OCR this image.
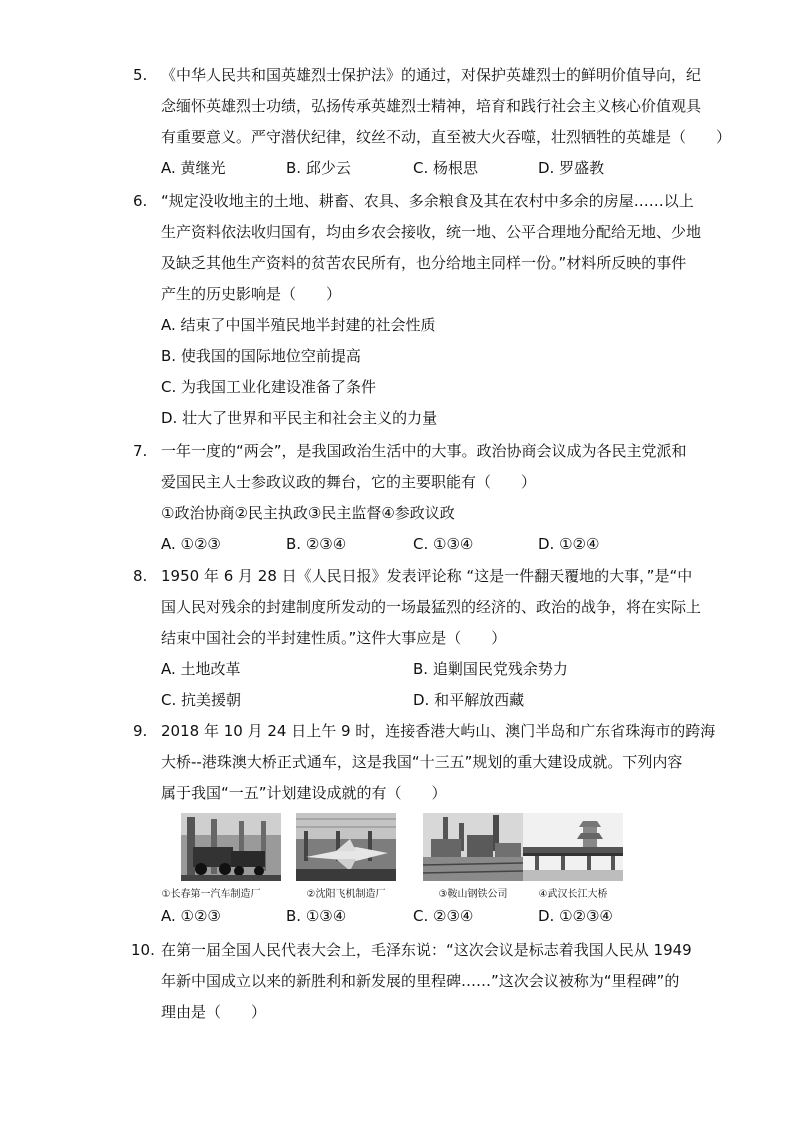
5. 《中华人民共和国英雄烈士保护法》的通过，对保护英雄烈士的鲜明价值导向，纪
念缅怀英雄烈士功绩，弘扬传承英雄烈士精神，培育和践行社会主义核心价值观具
有重要意义。严守潜伏纪律，纹丝不动，直至被大火吞噬，壮烈牺牲的英雄是（　　）
A. 黄继光	B. 邱少云	C. 杨根思	D. 罗盛教
6. “规定没收地主的土地、耕畜、农具、多余粮食及其在农村中多余的房屋……以上
生产资料依法收归国有，均由乡农会接收，统一地、公平合理地分配给无地、少地
及缺乏其他生产资料的贫苦农民所有，也分给地主同样一份。”材料所反映的事件
产生的历史影响是（　　）
A. 结束了中国半殖民地半封建的社会性质
B. 使我国的国际地位空前提高
C. 为我国工业化建设准备了条件
D. 壮大了世界和平民主和社会主义的力量
7. 一年一度的“两会”，是我国政治生活中的大事。政治协商会议成为各民主党派和
爱国民主人士参政议政的舞台，它的主要职能有（　　）
①政治协商②民主执政③民主监督④参政议政
A. ①②③	B. ②③④	C. ①③④	D. ①②④
8. 1950 年 6 月 28 日《人民日报》发表评论称 “这是一件翻天覆地的大事，”是“中
国人民对残余的封建制度所发动的一场最猛烈的经济的、政治的战争，将在实际上
结束中国社会的半封建性质。”这件大事应是（　　）
A. 土地改革	B. 追剿国民党残余势力
C. 抗美援朝	D. 和平解放西藏
9. 2018 年 10 月 24 日上午 9 时，连接香港大屿山、澳门半岛和广东省珠海市的跨海
大桥--港珠澳大桥正式通车，这是我国“十三五”规划的重大建设成就。下列内容
属于我国“一五”计划建设成就的有（　　）
①长春第一汽车制造厂	②沈阳飞机制造厂	③鞍山钢铁公司	④武汉长江大桥
A. ①②③	B. ①③④	C. ②③④	D. ①②③④
10. 在第一届全国人民代表大会上，毛泽东说：“这次会议是标志着我国人民从 1949
年新中国成立以来的新胜利和新发展的里程碑……”这次会议被称为“里程碑”的
理由是（　　）
